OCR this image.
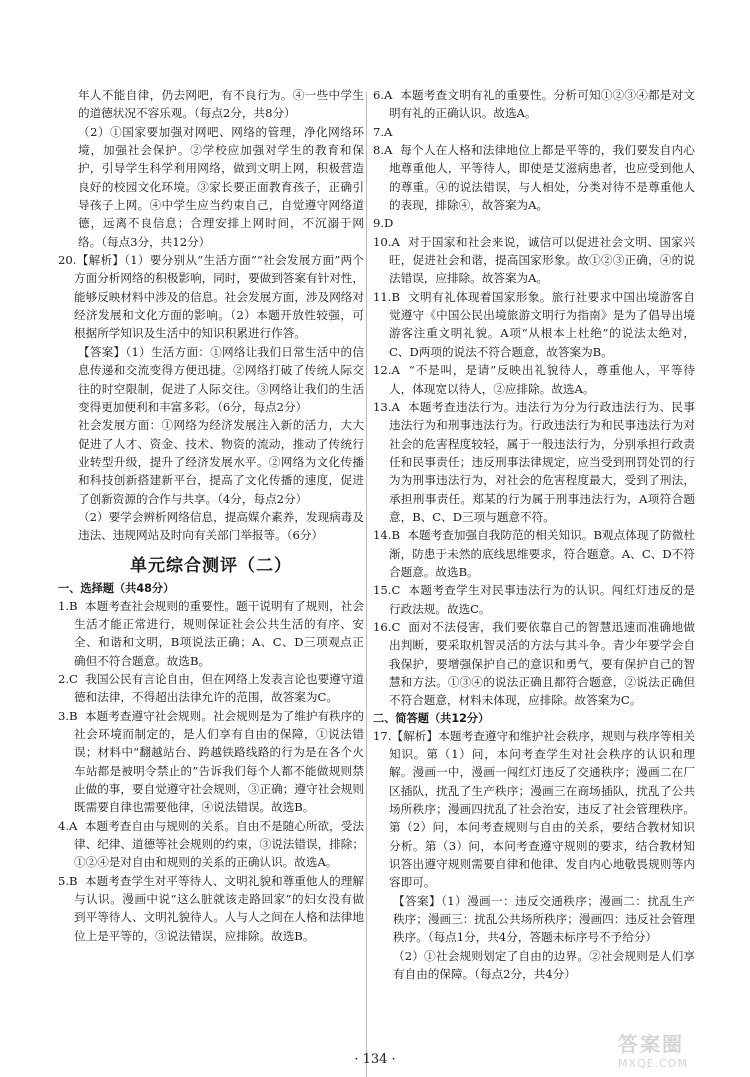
年人不能自律，仍去网吧，有不良行为。④一些中学生的道德状况不容乐观。（每点2分，共8分）

（2）①国家要加强对网吧、网络的管理，净化网络环境，加强社会保护。②学校应加强对学生的教育和保护，引导学生科学利用网络，做到文明上网，积极营造良好的校园文化环境。③家长要正面教育孩子，正确引导孩子上网。④中学生应当约束自己，自觉遵守网络道德，远离不良信息；合理安排上网时间，不沉溺于网络。（每点3分，共12分）

20.【解析】（1）要分别从“生活方面”“社会发展方面”两个方面分析网络的积极影响，同时，要做到答案有针对性，能够反映材料中涉及的信息。社会发展方面，涉及网络对经济发展和文化方面的影响。（2）本题开放性较强，可根据所学知识及生活中的知识积累进行作答。

【答案】（1）生活方面：①网络让我们日常生活中的信息传递和交流变得方便迅捷。②网络打破了传统人际交往的时空限制，促进了人际交往。③网络让我们的生活变得更加便利和丰富多彩。（6分，每点2分）

社会发展方面：①网络为经济发展注入新的活力，大大促进了人才、资金、技术、物资的流动，推动了传统行业转型升级，提升了经济发展水平。②网络为文化传播和科技创新搭建新平台，提高了文化传播的速度，促进了创新资源的合作与共享。（4分，每点2分）

（2）要学会辨析网络信息，提高媒介素养，发现病毒及违法、违规网站及时向有关部门举报等。（6分）

单元综合测评（二）

一、选择题（共48分）

1.B  本题考查社会规则的重要性。题干说明有了规则，社会生活才能正常进行，规则保证社会公共生活的有序、安全、和谐和文明，B项说法正确；A、C、D三项观点正确但不符合题意。故选B。

2.C  我国公民有言论自由，但在网络上发表言论也要遵守道德和法律，不得超出法律允许的范围，故答案为C。

3.B  本题考查遵守社会规则。社会规则是为了维护有秩序的社会环境而制定的，是人们享有自由的保障，①说法错误；材料中“翻越站台、跨越铁路线路的行为是在各个火车站都是被明令禁止的”告诉我们每个人都不能做规则禁止做的事，要自觉遵守社会规则，③正确；遵守社会规则既需要自律也需要他律，④说法错误。故选B。

4.A  本题考查自由与规则的关系。自由不是随心所欲，受法律、纪律、道德等社会规则的约束，③说法错误，排除；①②④是对自由和规则的关系的正确认识。故选A。

5.B  本题考查学生对平等待人、文明礼貌和尊重他人的理解与认识。漫画中说“这么脏就该走路回家”的妇女没有做到平等待人、文明礼貌待人。人与人之间在人格和法律地位上是平等的，③说法错误，应排除。故选B。

6.A  本题考查文明有礼的重要性。分析可知①②③④都是对文明有礼的正确认识。故选A。

7.A

8.A  每个人在人格和法律地位上都是平等的，我们要发自内心地尊重他人，平等待人，即使是艾滋病患者，也应受到他人的尊重。④的说法错误，与人相处，分类对待不是尊重他人的表现，排除④，故答案为A。

9.D

10.A  对于国家和社会来说，诚信可以促进社会文明、国家兴旺，促进社会和谐，提高国家形象。故①②③正确，④的说法错误，应排除。故答案为A。

11.B  文明有礼体现着国家形象。旅行社要求中国出境游客自觉遵守《中国公民出境旅游文明行为指南》是为了倡导出境游客注重文明礼貌。A项“从根本上杜绝”的说法太绝对，C、D两项的说法不符合题意，故答案为B。

12.A  “不是叫，是请”反映出礼貌待人，尊重他人，平等待人，体现宽以待人，②应排除。故选A。

13.A  本题考查违法行为。违法行为分为行政违法行为、民事违法行为和刑事违法行为。行政违法行为和民事违法行为对社会的危害程度较轻，属于一般违法行为，分别承担行政责任和民事责任；违反刑事法律规定，应当受到刑罚处罚的行为为刑事违法行为，对社会的危害程度最大，受到了刑法，承担刑事责任。郑某的行为属于刑事违法行为，A项符合题意，B、C、D三项与题意不符。

14.B  本题考查加强自我防范的相关知识。B观点体现了防微杜渐，防患于未然的底线思维要求，符合题意。A、C、D不符合题意。故选B。

15.C  本题考查学生对民事违法行为的认识。闯红灯违反的是行政法规。故选C。

16.C  面对不法侵害，我们要依靠自己的智慧迅速而准确地做出判断，要采取机智灵活的方法与其斗争。青少年要学会自我保护，要增强保护自己的意识和勇气，要有保护自己的智慧和方法。①③④的说法正确且都符合题意，②说法正确但不符合题意，材料未体现，应排除。故答案为C。

二、简答题（共12分）

17.【解析】本题考查遵守和维护社会秩序，规则与秩序等相关知识。第（1）问，本问考查学生对社会秩序的认识和理解。漫画一中，漫画一闯红灯违反了交通秩序；漫画二在厂区插队，扰乱了生产秩序；漫画三在商场插队，扰乱了公共场所秩序；漫画四扰乱了社会治安，违反了社会管理秩序。第（2）问，本问考查规则与自由的关系，要结合教材知识分析。第（3）问，本问考查遵守规则的要求，结合教材知识答出遵守规则需要自律和他律、发自内心地敬畏规则等内容即可。

【答案】（1）漫画一：违反交通秩序；漫画二：扰乱生产秩序；漫画三：扰乱公共场所秩序；漫画四：违反社会管理秩序。（每点1分，共4分，答题未标序号不予给分）

（2）①社会规则划定了自由的边界。②社会规则是人们享有自由的保障。（每点2分，共4分）

· 134 ·
答案圈
MXQE.COM
